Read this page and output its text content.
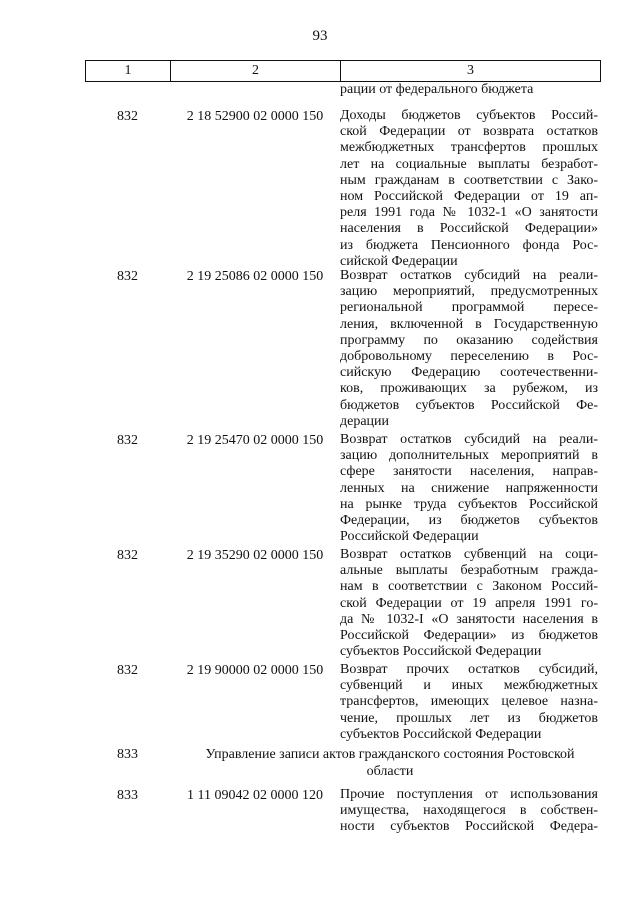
93
1	2	3
рации от федерального бюджета
832	2 18 52900 02 0000 150	Доходы бюджетов субъектов Россий-
ской Федерации от возврата остатков
межбюджетных трансфертов прошлых
лет на социальные выплаты безработ-
ным гражданам в соответствии с Зако-
ном Российской Федерации от 19 ап-
реля 1991 года № 1032-1 «О занятости
населения в Российской Федерации»
из бюджета Пенсионного фонда Рос-
сийской Федерации
832	2 19 25086 02 0000 150	Возврат остатков субсидий на реали-
зацию мероприятий, предусмотренных
региональной программой пересе-
ления, включенной в Государственную
программу по оказанию содействия
добровольному переселению в Рос-
сийскую Федерацию соотечественни-
ков, проживающих за рубежом, из
бюджетов субъектов Российской Фе-
дерации
832	2 19 25470 02 0000 150	Возврат остатков субсидий на реали-
зацию дополнительных мероприятий в
сфере занятости населения, направ-
ленных на снижение напряженности
на рынке труда субъектов Российской
Федерации, из бюджетов субъектов
Российской Федерации
832	2 19 35290 02 0000 150	Возврат остатков субвенций на соци-
альные выплаты безработным гражда-
нам в соответствии с Законом Россий-
ской Федерации от 19 апреля 1991 го-
да № 1032-I «О занятости населения в
Российской Федерации» из бюджетов
субъектов Российской Федерации
832	2 19 90000 02 0000 150	Возврат прочих остатков субсидий,
субвенций и иных межбюджетных
трансфертов, имеющих целевое назна-
чение, прошлых лет из бюджетов
субъектов Российской Федерации
833	Управление записи актов гражданского состояния Ростовской
области
833	1 11 09042 02 0000 120	Прочие поступления от использования
имущества, находящегося в собствен-
ности субъектов Российской Федера-
